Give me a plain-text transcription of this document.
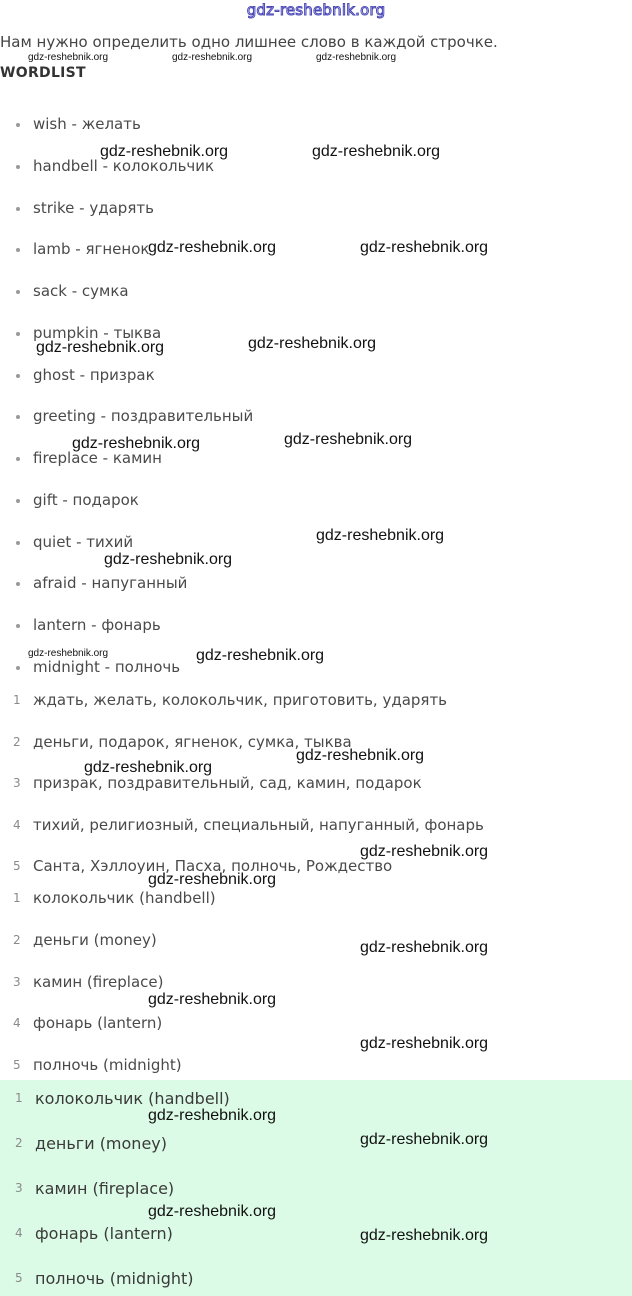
gdz-reshebnik.org
Нам нужно определить одно лишнее слово в каждой строчке.
WORDLIST
wish - желать
handbell - колокольчик
strike - ударять
lamb - ягненок
sack - сумка
pumpkin - тыква
ghost - призрак
greeting - поздравительный
fireplace - камин
gift - подарок
quiet - тихий
afraid - напуганный
lantern - фонарь
midnight - полночь
1 ждать, желать, колокольчик, приготовить, ударять
2 деньги, подарок, ягненок, сумка, тыква
3 призрак, поздравительный, сад, камин, подарок
4 тихий, религиозный, специальный, напуганный, фонарь
5 Санта, Хэллоуин, Пасха, полночь, Рождество
1 колокольчик (handbell)
2 деньги (money)
3 камин (fireplace)
4 фонарь (lantern)
5 полночь (midnight)
1 колокольчик (handbell)
2 деньги (money)
3 камин (fireplace)
4 фонарь (lantern)
5 полночь (midnight)
gdz-reshebnik.org	gdz-reshebnik.org	gdz-reshebnik.org
gdz-reshebnik.org	gdz-reshebnik.org
gdz-reshebnik.org	gdz-reshebnik.org
gdz-reshebnik.org	gdz-reshebnik.org
gdz-reshebnik.org	gdz-reshebnik.org
gdz-reshebnik.org
gdz-reshebnik.org
gdz-reshebnik.org	gdz-reshebnik.org
gdz-reshebnik.org
gdz-reshebnik.org
gdz-reshebnik.org
gdz-reshebnik.org
gdz-reshebnik.org
gdz-reshebnik.org
gdz-reshebnik.org
gdz-reshebnik.org
gdz-reshebnik.org
gdz-reshebnik.org
gdz-reshebnik.org
